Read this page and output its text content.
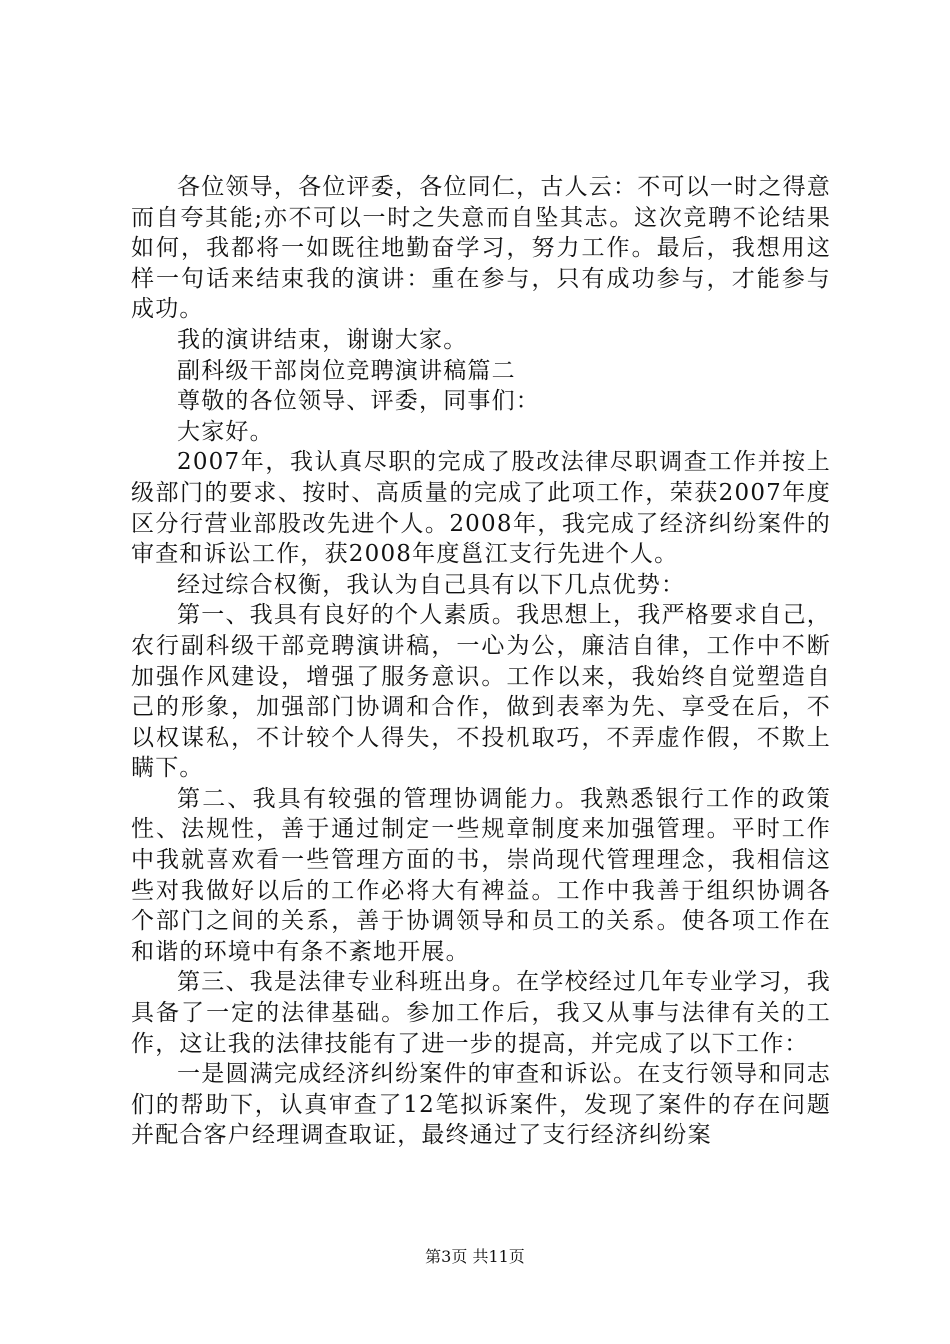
各位领导，各位评委，各位同仁，古人云：不可以一时之得意而自夸其能;亦不可以一时之失意而自坠其志。这次竞聘不论结果如何，我都将一如既往地勤奋学习，努力工作。最后，我想用这样一句话来结束我的演讲：重在参与，只有成功参与，才能参与成功。

我的演讲结束，谢谢大家。

副科级干部岗位竞聘演讲稿篇二

尊敬的各位领导、评委，同事们：

大家好。

2007年，我认真尽职的完成了股改法律尽职调查工作并按上级部门的要求、按时、高质量的完成了此项工作，荣获2007年度区分行营业部股改先进个人。2008年，我完成了经济纠纷案件的审查和诉讼工作，获2008年度邕江支行先进个人。

经过综合权衡，我认为自己具有以下几点优势：

第一、我具有良好的个人素质。我思想上，我严格要求自己，农行副科级干部竞聘演讲稿，一心为公，廉洁自律，工作中不断加强作风建设，增强了服务意识。工作以来，我始终自觉塑造自己的形象，加强部门协调和合作，做到表率为先、享受在后，不以权谋私，不计较个人得失，不投机取巧，不弄虚作假，不欺上瞒下。

第二、我具有较强的管理协调能力。我熟悉银行工作的政策性、法规性，善于通过制定一些规章制度来加强管理。平时工作中我就喜欢看一些管理方面的书，崇尚现代管理理念，我相信这些对我做好以后的工作必将大有裨益。工作中我善于组织协调各个部门之间的关系，善于协调领导和员工的关系。使各项工作在和谐的环境中有条不紊地开展。

第三、我是法律专业科班出身。在学校经过几年专业学习，我具备了一定的法律基础。参加工作后，我又从事与法律有关的工作，这让我的法律技能有了进一步的提高，并完成了以下工作：

一是圆满完成经济纠纷案件的审查和诉讼。在支行领导和同志们的帮助下，认真审查了12笔拟诉案件，发现了案件的存在问题并配合客户经理调查取证，最终通过了支行经济纠纷案

第3页 共11页
